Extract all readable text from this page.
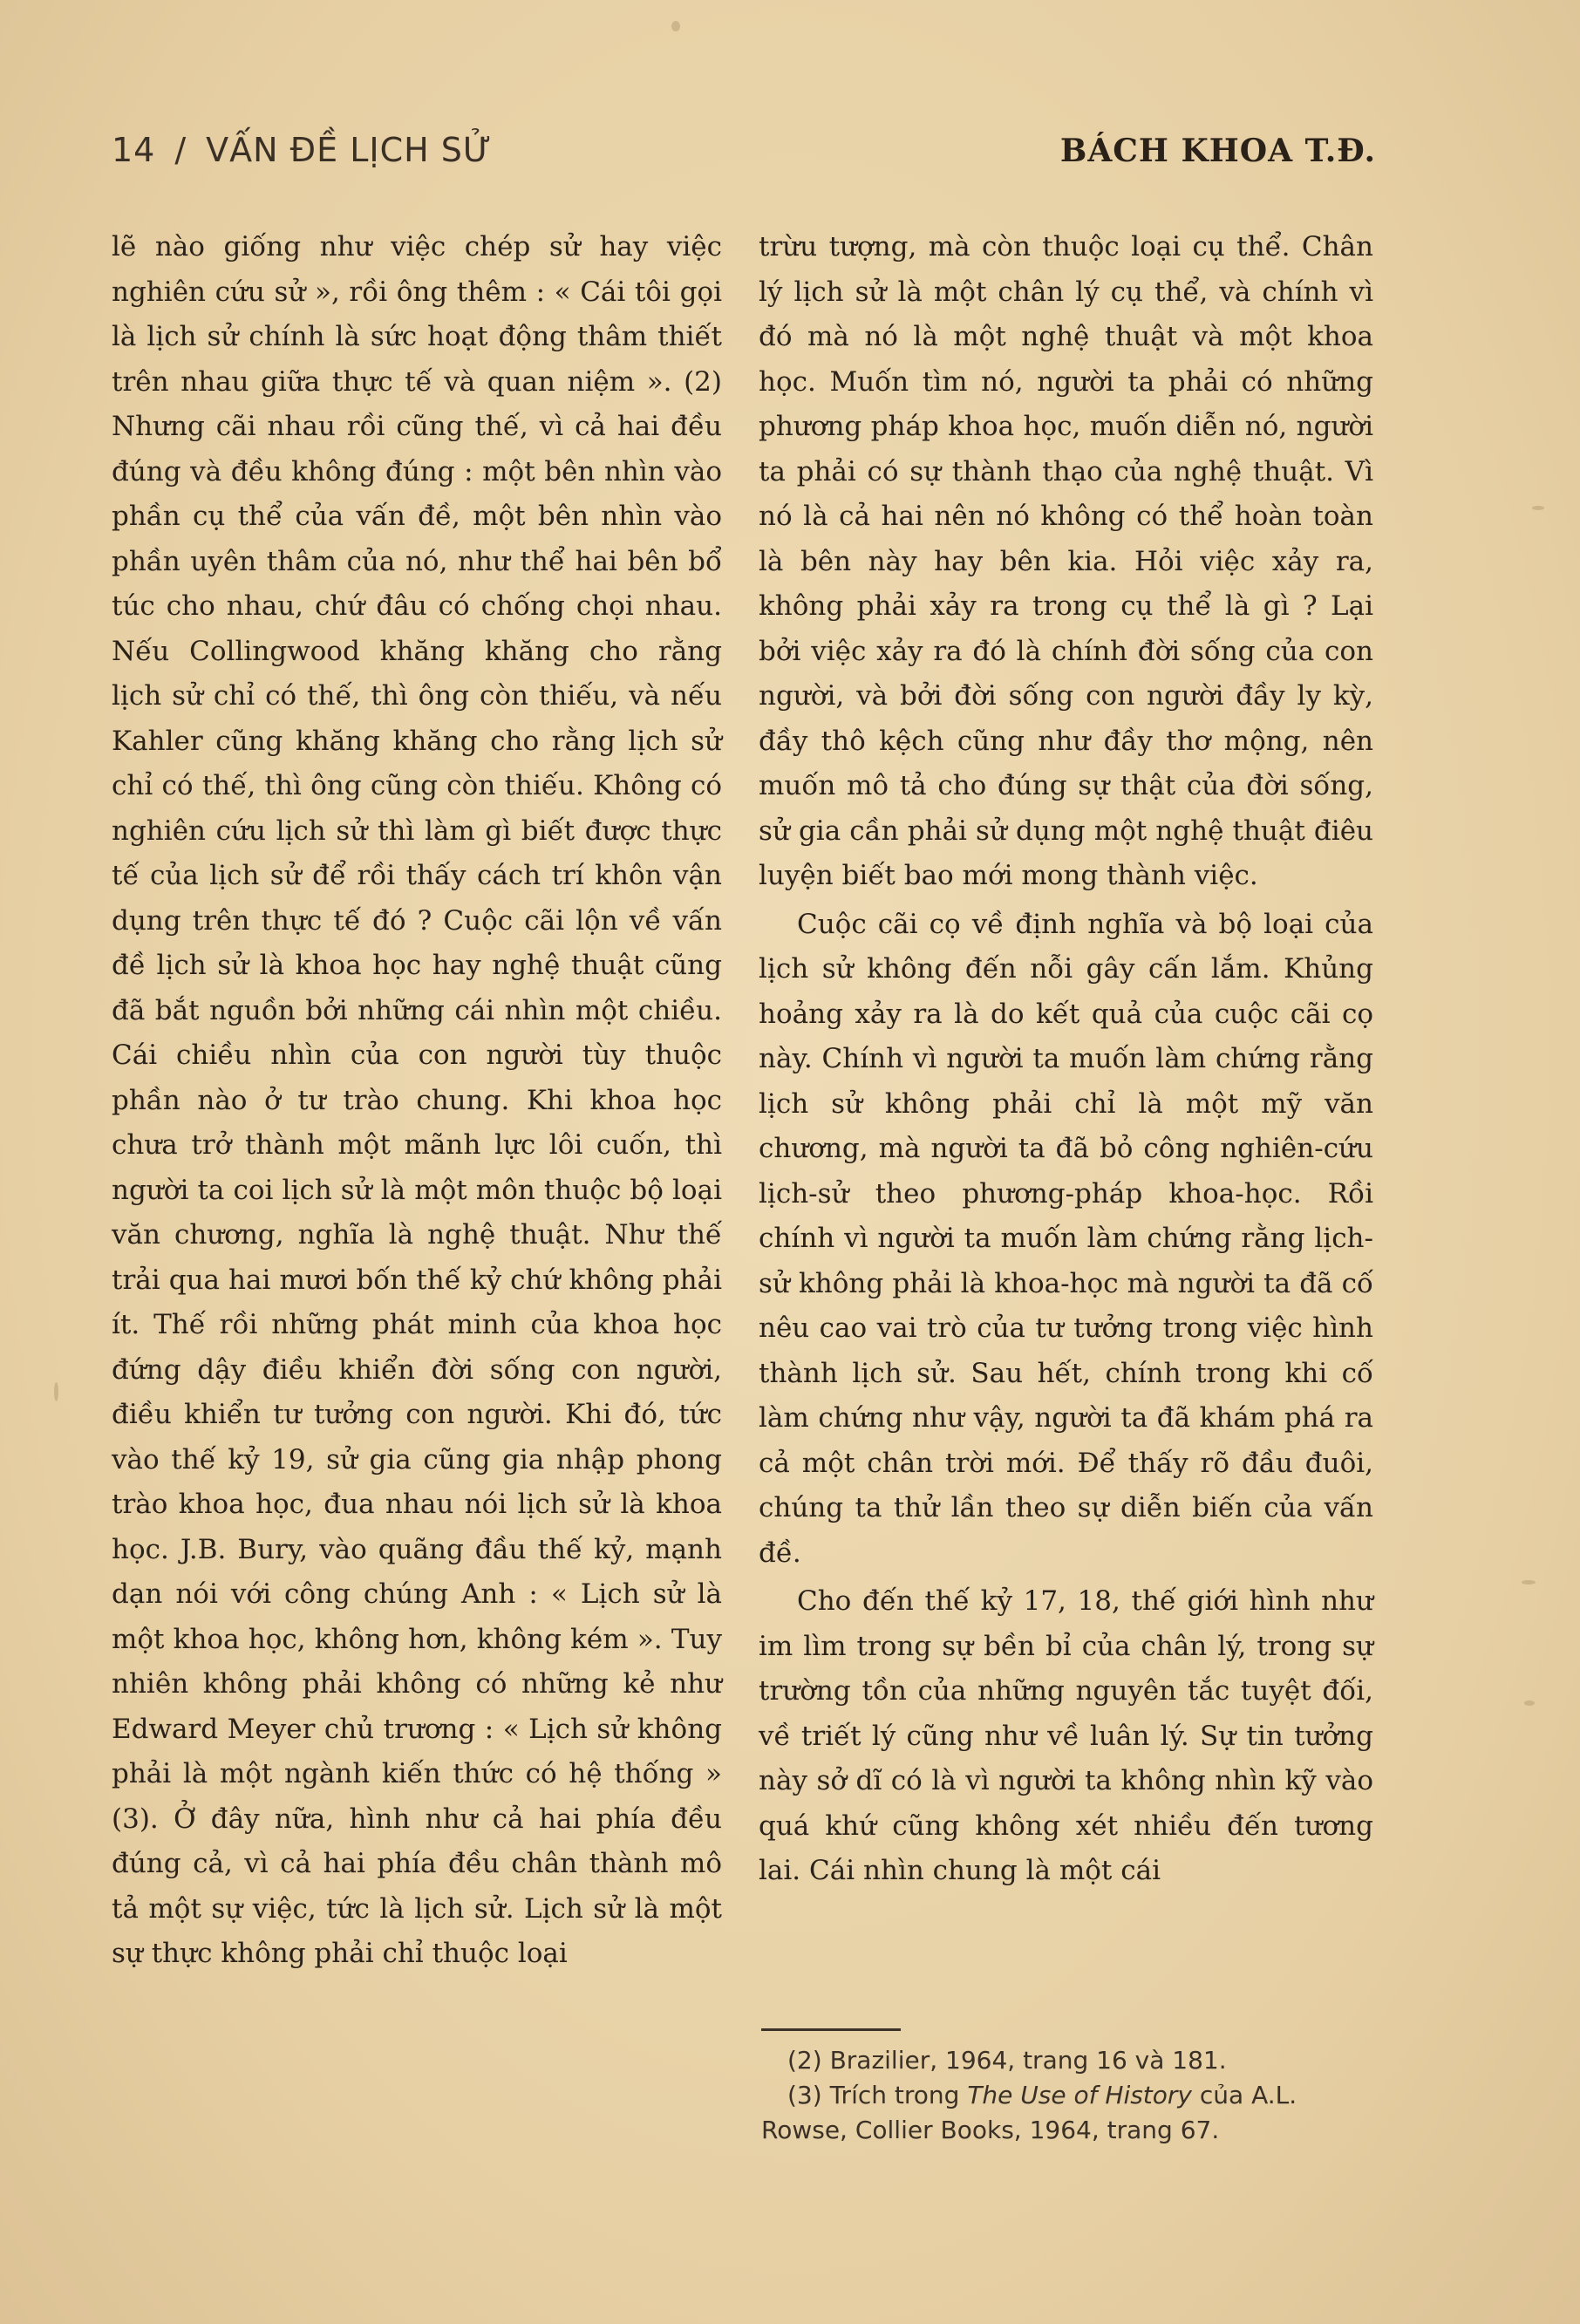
14 / VẤN ĐỀ LỊCH SỬ	BÁCH KHOA T.Đ.

lẽ nào giống như việc chép sử hay việc nghiên cứu sử », rồi ông thêm : « Cái tôi gọi là lịch sử chính là sức hoạt động thâm thiết trên nhau giữa thực tế và quan niệm ». (2) Nhưng cãi nhau rồi cũng thế, vì cả hai đều đúng và đều không đúng : một bên nhìn vào phần cụ thể của vấn đề, một bên nhìn vào phần uyên thâm của nó, như thể hai bên bổ túc cho nhau, chứ đâu có chống chọi nhau. Nếu Collingwood khăng khăng cho rằng lịch sử chỉ có thế, thì ông còn thiếu, và nếu Kahler cũng khăng khăng cho rằng lịch sử chỉ có thế, thì ông cũng còn thiếu. Không có nghiên cứu lịch sử thì làm gì biết được thực tế của lịch sử để rồi thấy cách trí khôn vận dụng trên thực tế đó ? Cuộc cãi lộn về vấn đề lịch sử là khoa học hay nghệ thuật cũng đã bắt nguồn bởi những cái nhìn một chiều. Cái chiều nhìn của con người tùy thuộc phần nào ở tư trào chung. Khi khoa học chưa trở thành một mãnh lực lôi cuốn, thì người ta coi lịch sử là một môn thuộc bộ loại văn chương, nghĩa là nghệ thuật. Như thế trải qua hai mươi bốn thế kỷ chứ không phải ít. Thế rồi những phát minh của khoa học đứng dậy điều khiển đời sống con người, điều khiển tư tưởng con người. Khi đó, tức vào thế kỷ 19, sử gia cũng gia nhập phong trào khoa học, đua nhau nói lịch sử là khoa học. J.B. Bury, vào quãng đầu thế kỷ, mạnh dạn nói với công chúng Anh : « Lịch sử là một khoa học, không hơn, không kém ». Tuy nhiên không phải không có những kẻ như Edward Meyer chủ trương : « Lịch sử không phải là một ngành kiến thức có hệ thống » (3). Ở đây nữa, hình như cả hai phía đều đúng cả, vì cả hai phía đều chân thành mô tả một sự việc, tức là lịch sử. Lịch sử là một sự thực không phải chỉ thuộc loại

trừu tượng, mà còn thuộc loại cụ thể. Chân lý lịch sử là một chân lý cụ thể, và chính vì đó mà nó là một nghệ thuật và một khoa học. Muốn tìm nó, người ta phải có những phương pháp khoa học, muốn diễn nó, người ta phải có sự thành thạo của nghệ thuật. Vì nó là cả hai nên nó không có thể hoàn toàn là bên này hay bên kia. Hỏi việc xảy ra, không phải xảy ra trong cụ thể là gì ? Lại bởi việc xảy ra đó là chính đời sống của con người, và bởi đời sống con người đầy ly kỳ, đầy thô kệch cũng như đầy thơ mộng, nên muốn mô tả cho đúng sự thật của đời sống, sử gia cần phải sử dụng một nghệ thuật điêu luyện biết bao mới mong thành việc.

Cuộc cãi cọ về định nghĩa và bộ loại của lịch sử không đến nỗi gây cấn lắm. Khủng hoảng xảy ra là do kết quả của cuộc cãi cọ này. Chính vì người ta muốn làm chứng rằng lịch sử không phải chỉ là một mỹ văn chương, mà người ta đã bỏ công nghiên-cứu lịch-sử theo phương-pháp khoa-học. Rồi chính vì người ta muốn làm chứng rằng lịch-sử không phải là khoa-học mà người ta đã cố nêu cao vai trò của tư tưởng trong việc hình thành lịch sử. Sau hết, chính trong khi cố làm chứng như vậy, người ta đã khám phá ra cả một chân trời mới. Để thấy rõ đầu đuôi, chúng ta thử lần theo sự diễn biến của vấn đề.

Cho đến thế kỷ 17, 18, thế giới hình như im lìm trong sự bền bỉ của chân lý, trong sự trường tồn của những nguyên tắc tuyệt đối, về triết lý cũng như về luân lý. Sự tin tưởng này sở dĩ có là vì người ta không nhìn kỹ vào quá khứ cũng không xét nhiều đến tương lai. Cái nhìn chung là một cái

(2) Brazilier, 1964, trang 16 và 181.

(3) Trích trong The Use of History của A.L. Rowse, Collier Books, 1964, trang 67.
